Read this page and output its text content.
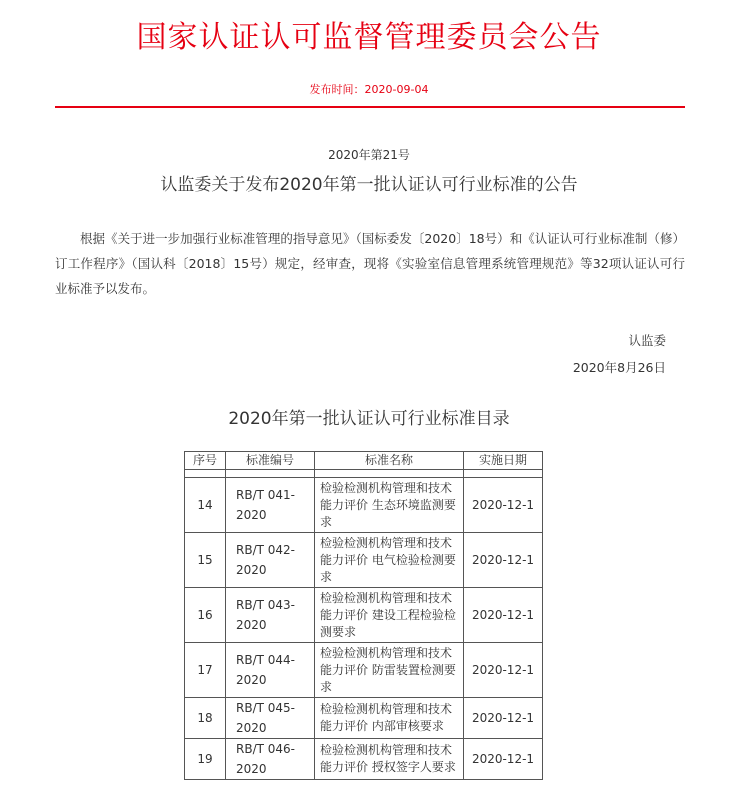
国家认证认可监督管理委员会公告
发布时间：2020-09-04
2020年第21号
认监委关于发布2020年第一批认证认可行业标准的公告

根据《关于进一步加强行业标准管理的指导意见》（国标委发〔2020〕18号）和《认证认可行业标准制（修）订工作程序》（国认科〔2018〕15号）规定，经审查，现将《实验室信息管理系统管理规范》等32项认证认可行业标准予以发布。

认监委
2020年8月26日
2020年第一批认证认可行业标准目录
序号	标准编号	标准名称	实施日期

14	RB/T 041-2020	检验检测机构管理和技术能力评价 生态环境监测要求	2020-12-1
15	RB/T 042-2020	检验检测机构管理和技术能力评价 电气检验检测要求	2020-12-1
16	RB/T 043-2020	检验检测机构管理和技术能力评价 建设工程检验检测要求	2020-12-1
17	RB/T 044-2020	检验检测机构管理和技术能力评价 防雷装置检测要求	2020-12-1
18	RB/T 045-2020	检验检测机构管理和技术能力评价 内部审核要求	2020-12-1
19	RB/T 046-2020	检验检测机构管理和技术能力评价 授权签字人要求	2020-12-1
